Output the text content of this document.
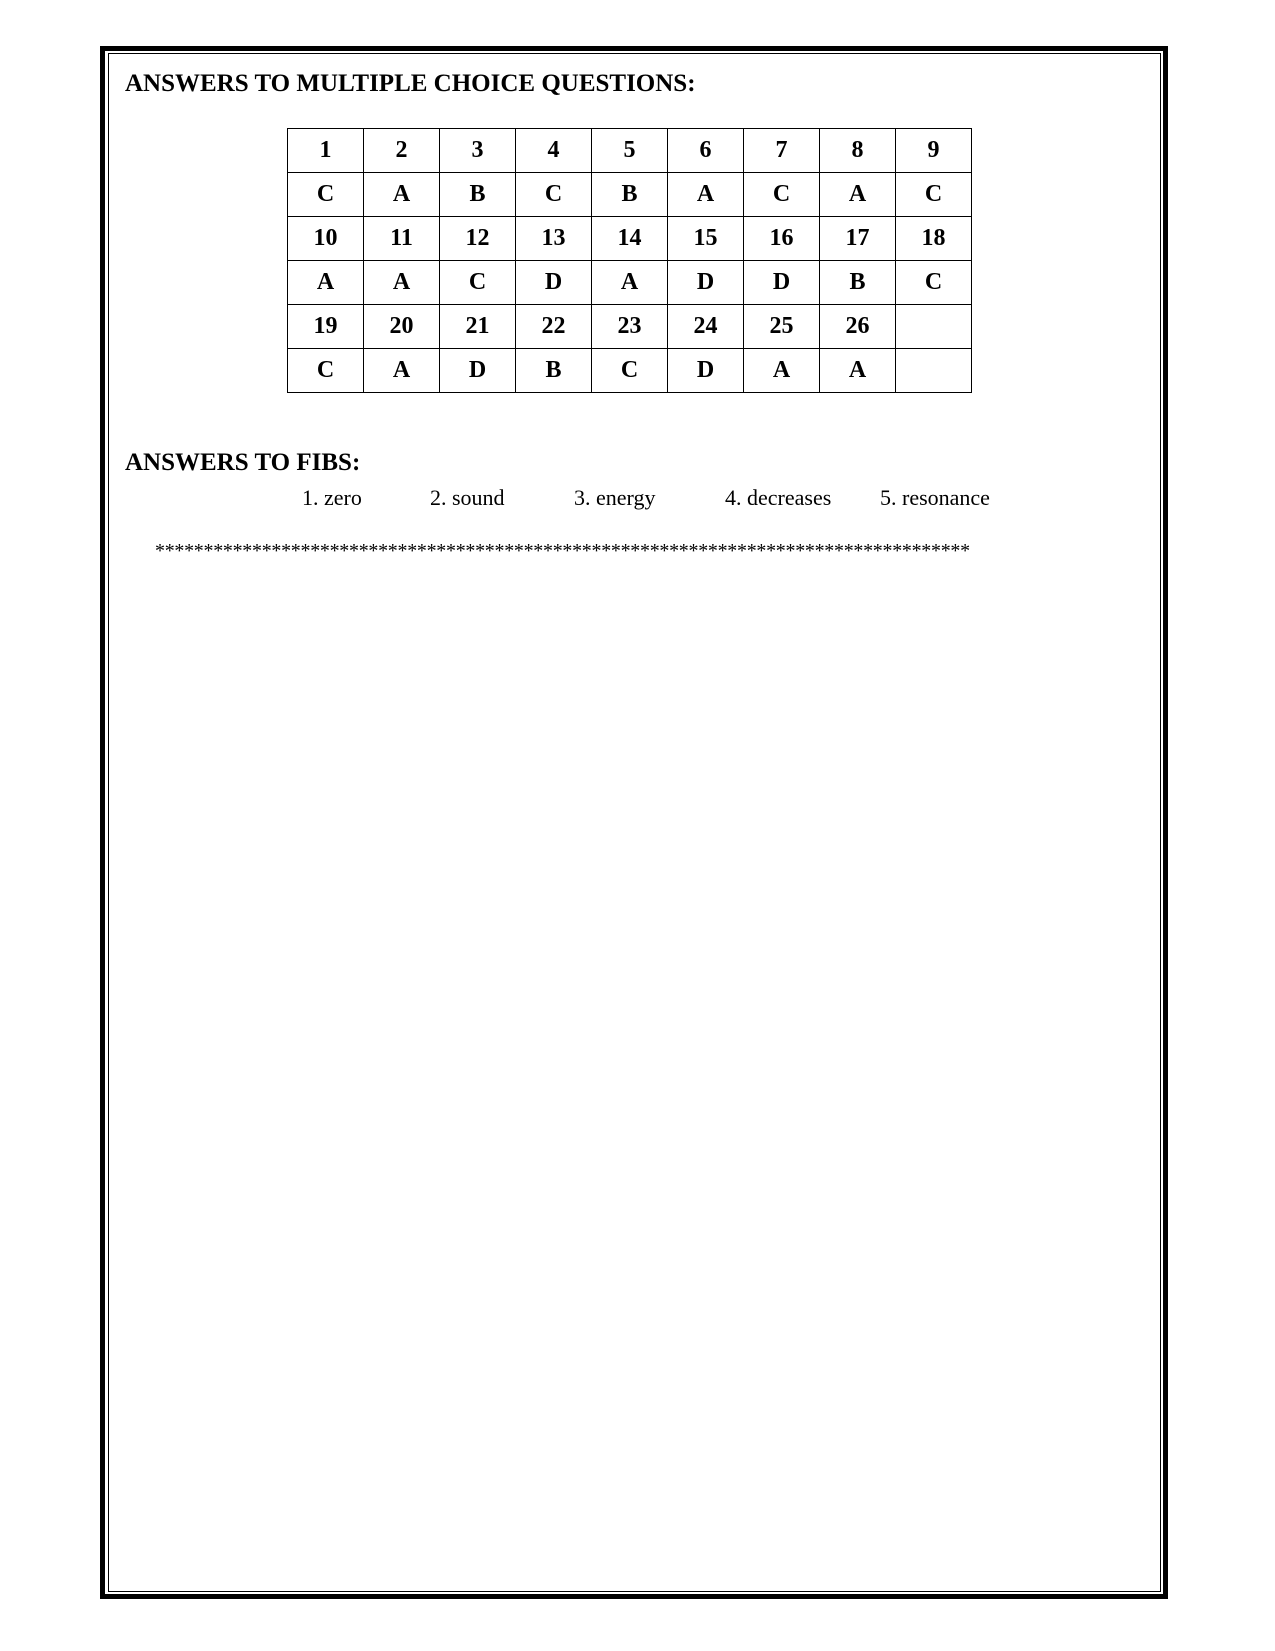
ANSWERS TO MULTIPLE CHOICE QUESTIONS:
1	2	3	4	5	6	7	8	9
C	A	B	C	B	A	C	A	C
10	11	12	13	14	15	16	17	18
A	A	C	D	A	D	D	B	C
19	20	21	22	23	24	25	26	
C	A	D	B	C	D	A	A	
ANSWERS TO FIBS:
1. zero	2. sound	3. energy	4. decreases 5. resonance
************************************************************************************
